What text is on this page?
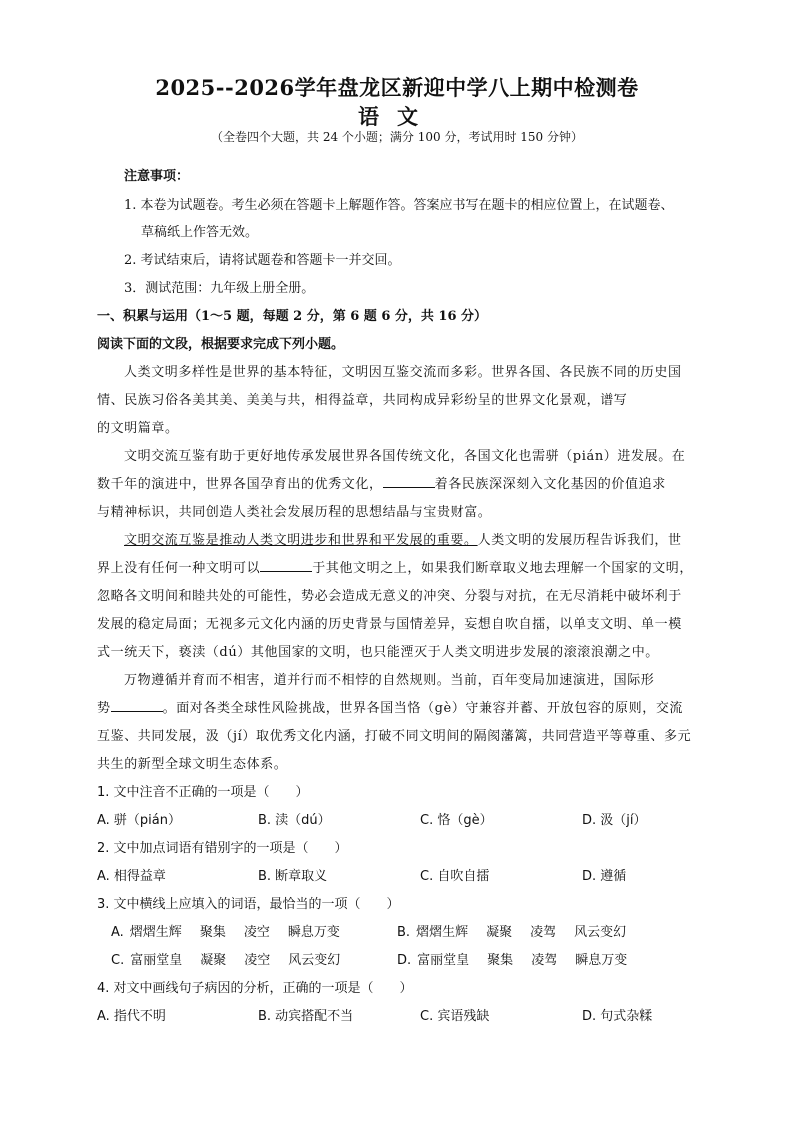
2025--2026学年盘龙区新迎中学八上期中检测卷
语文
（全卷四个大题，共 24 个小题；满分 100 分，考试用时 150 分钟）
注意事项：
1. 本卷为试题卷。考生必须在答题卡上解题作答。答案应书写在题卡的相应位置上，在试题卷、
草稿纸上作答无效。
2. 考试结束后，请将试题卷和答题卡一并交回。
3．测试范围：九年级上册全册。
一、积累与运用（1～5 题，每题 2 分，第 6 题 6 分，共 16 分）
阅读下面的文段，根据要求完成下列小题。
人类文明多样性是世界的基本特征，文明因互鉴交流而多彩。世界各国、各民族不同的历史国
情、民族习俗各美其美、美美与共，相得益章，共同构成异彩纷呈的世界文化景观，谱写
的文明篇章。
文明交流互鉴有助于更好地传承发展世界各国传统文化，各国文化也需骈（pián）进发展。在
数千年的演进中，世界各国孕育出的优秀文化，	着各民族深深刻入文化基因的价值追求
与精神标识，共同创造人类社会发展历程的思想结晶与宝贵财富。
文明交流互鉴是推动人类文明进步和世界和平发展的重要。人类文明的发展历程告诉我们，世
界上没有任何一种文明可以	于其他文明之上，如果我们断章取义地去理解一个国家的文明，
忽略各文明间和睦共处的可能性，势必会造成无意义的冲突、分裂与对抗，在无尽消耗中破坏利于
发展的稳定局面；无视多元文化内涵的历史背景与国情差异，妄想自吹自擂，以单支文明、单一模
式一统天下，亵渎（dú）其他国家的文明，也只能湮灭于人类文明进步发展的滚滚浪潮之中。
万物遵循并育而不相害，道并行而不相悖的自然规则。当前，百年变局加速演进，国际形
势	。面对各类全球性风险挑战，世界各国当恪（gè）守兼容并蓄、开放包容的原则，交流
互鉴、共同发展，汲（jí）取优秀文化内涵，打破不同文明间的隔阂藩篱，共同营造平等尊重、多元
共生的新型全球文明生态体系。
1. 文中注音不正确的一项是（　　）
A. 骈（pián）	B. 渎（dú）	C. 恪（gè）	D. 汲（jí）
2. 文中加点词语有错别字的一项是（　　）
A. 相得益章	B. 断章取义	C. 自吹自擂	D. 遵循
3. 文中横线上应填入的词语，最恰当的一项（　　）
A. 熠熠生辉 聚集 凌空 瞬息万变	B. 熠熠生辉 凝聚 凌驾 风云变幻
C. 富丽堂皇 凝聚 凌空 风云变幻	D. 富丽堂皇 聚集 凌驾 瞬息万变
4. 对文中画线句子病因的分析，正确的一项是（　　）
A. 指代不明	B. 动宾搭配不当	C. 宾语残缺	D. 句式杂糅
